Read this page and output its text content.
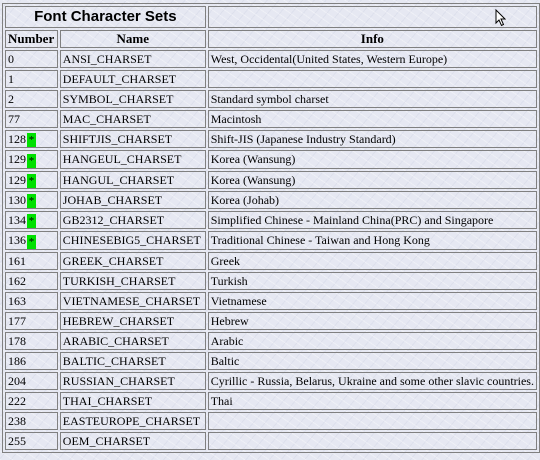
Font Character Sets		
Number	Name	Info
0	ANSI_CHARSET	West, Occidental(United States, Western Europe)
1	DEFAULT_CHARSET	
2	SYMBOL_CHARSET	Standard symbol charset
77	MAC_CHARSET	Macintosh
128 *	SHIFTJIS_CHARSET	Shift-JIS (Japanese Industry Standard)
129 *	HANGEUL_CHARSET	Korea (Wansung)
129 *	HANGUL_CHARSET	Korea (Wansung)
130 *	JOHAB_CHARSET	Korea (Johab)
134 *	GB2312_CHARSET	Simplified Chinese - Mainland China(PRC) and Singapore
136 *	CHINESEBIG5_CHARSET	Traditional Chinese - Taiwan and Hong Kong
161	GREEK_CHARSET	Greek
162	TURKISH_CHARSET	Turkish
163	VIETNAMESE_CHARSET	Vietnamese
177	HEBREW_CHARSET	Hebrew
178	ARABIC_CHARSET	Arabic
186	BALTIC_CHARSET	Baltic
204	RUSSIAN_CHARSET	Cyrillic - Russia, Belarus, Ukraine and some other slavic countries.
222	THAI_CHARSET	Thai
238	EASTEUROPE_CHARSET	
255	OEM_CHARSET	
